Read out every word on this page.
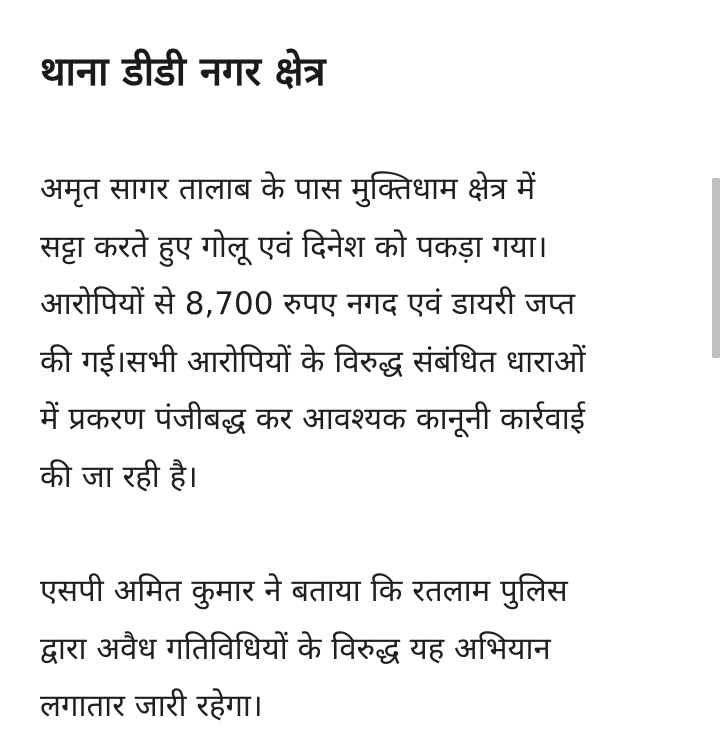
थाना डीडी नगर क्षेत्र

अमृत सागर तालाब के पास मुक्तिधाम क्षेत्र में
सट्टा करते हुए गोलू एवं दिनेश को पकड़ा गया।
आरोपियों से 8,700 रुपए नगद एवं डायरी जप्त
की गई।सभी आरोपियों के विरुद्ध संबंधित धाराओं
में प्रकरण पंजीबद्ध कर आवश्यक कानूनी कार्रवाई
की जा रही है।

एसपी अमित कुमार ने बताया कि रतलाम पुलिस
द्वारा अवैध गतिविधियों के विरुद्ध यह अभियान
लगातार जारी रहेगा।
